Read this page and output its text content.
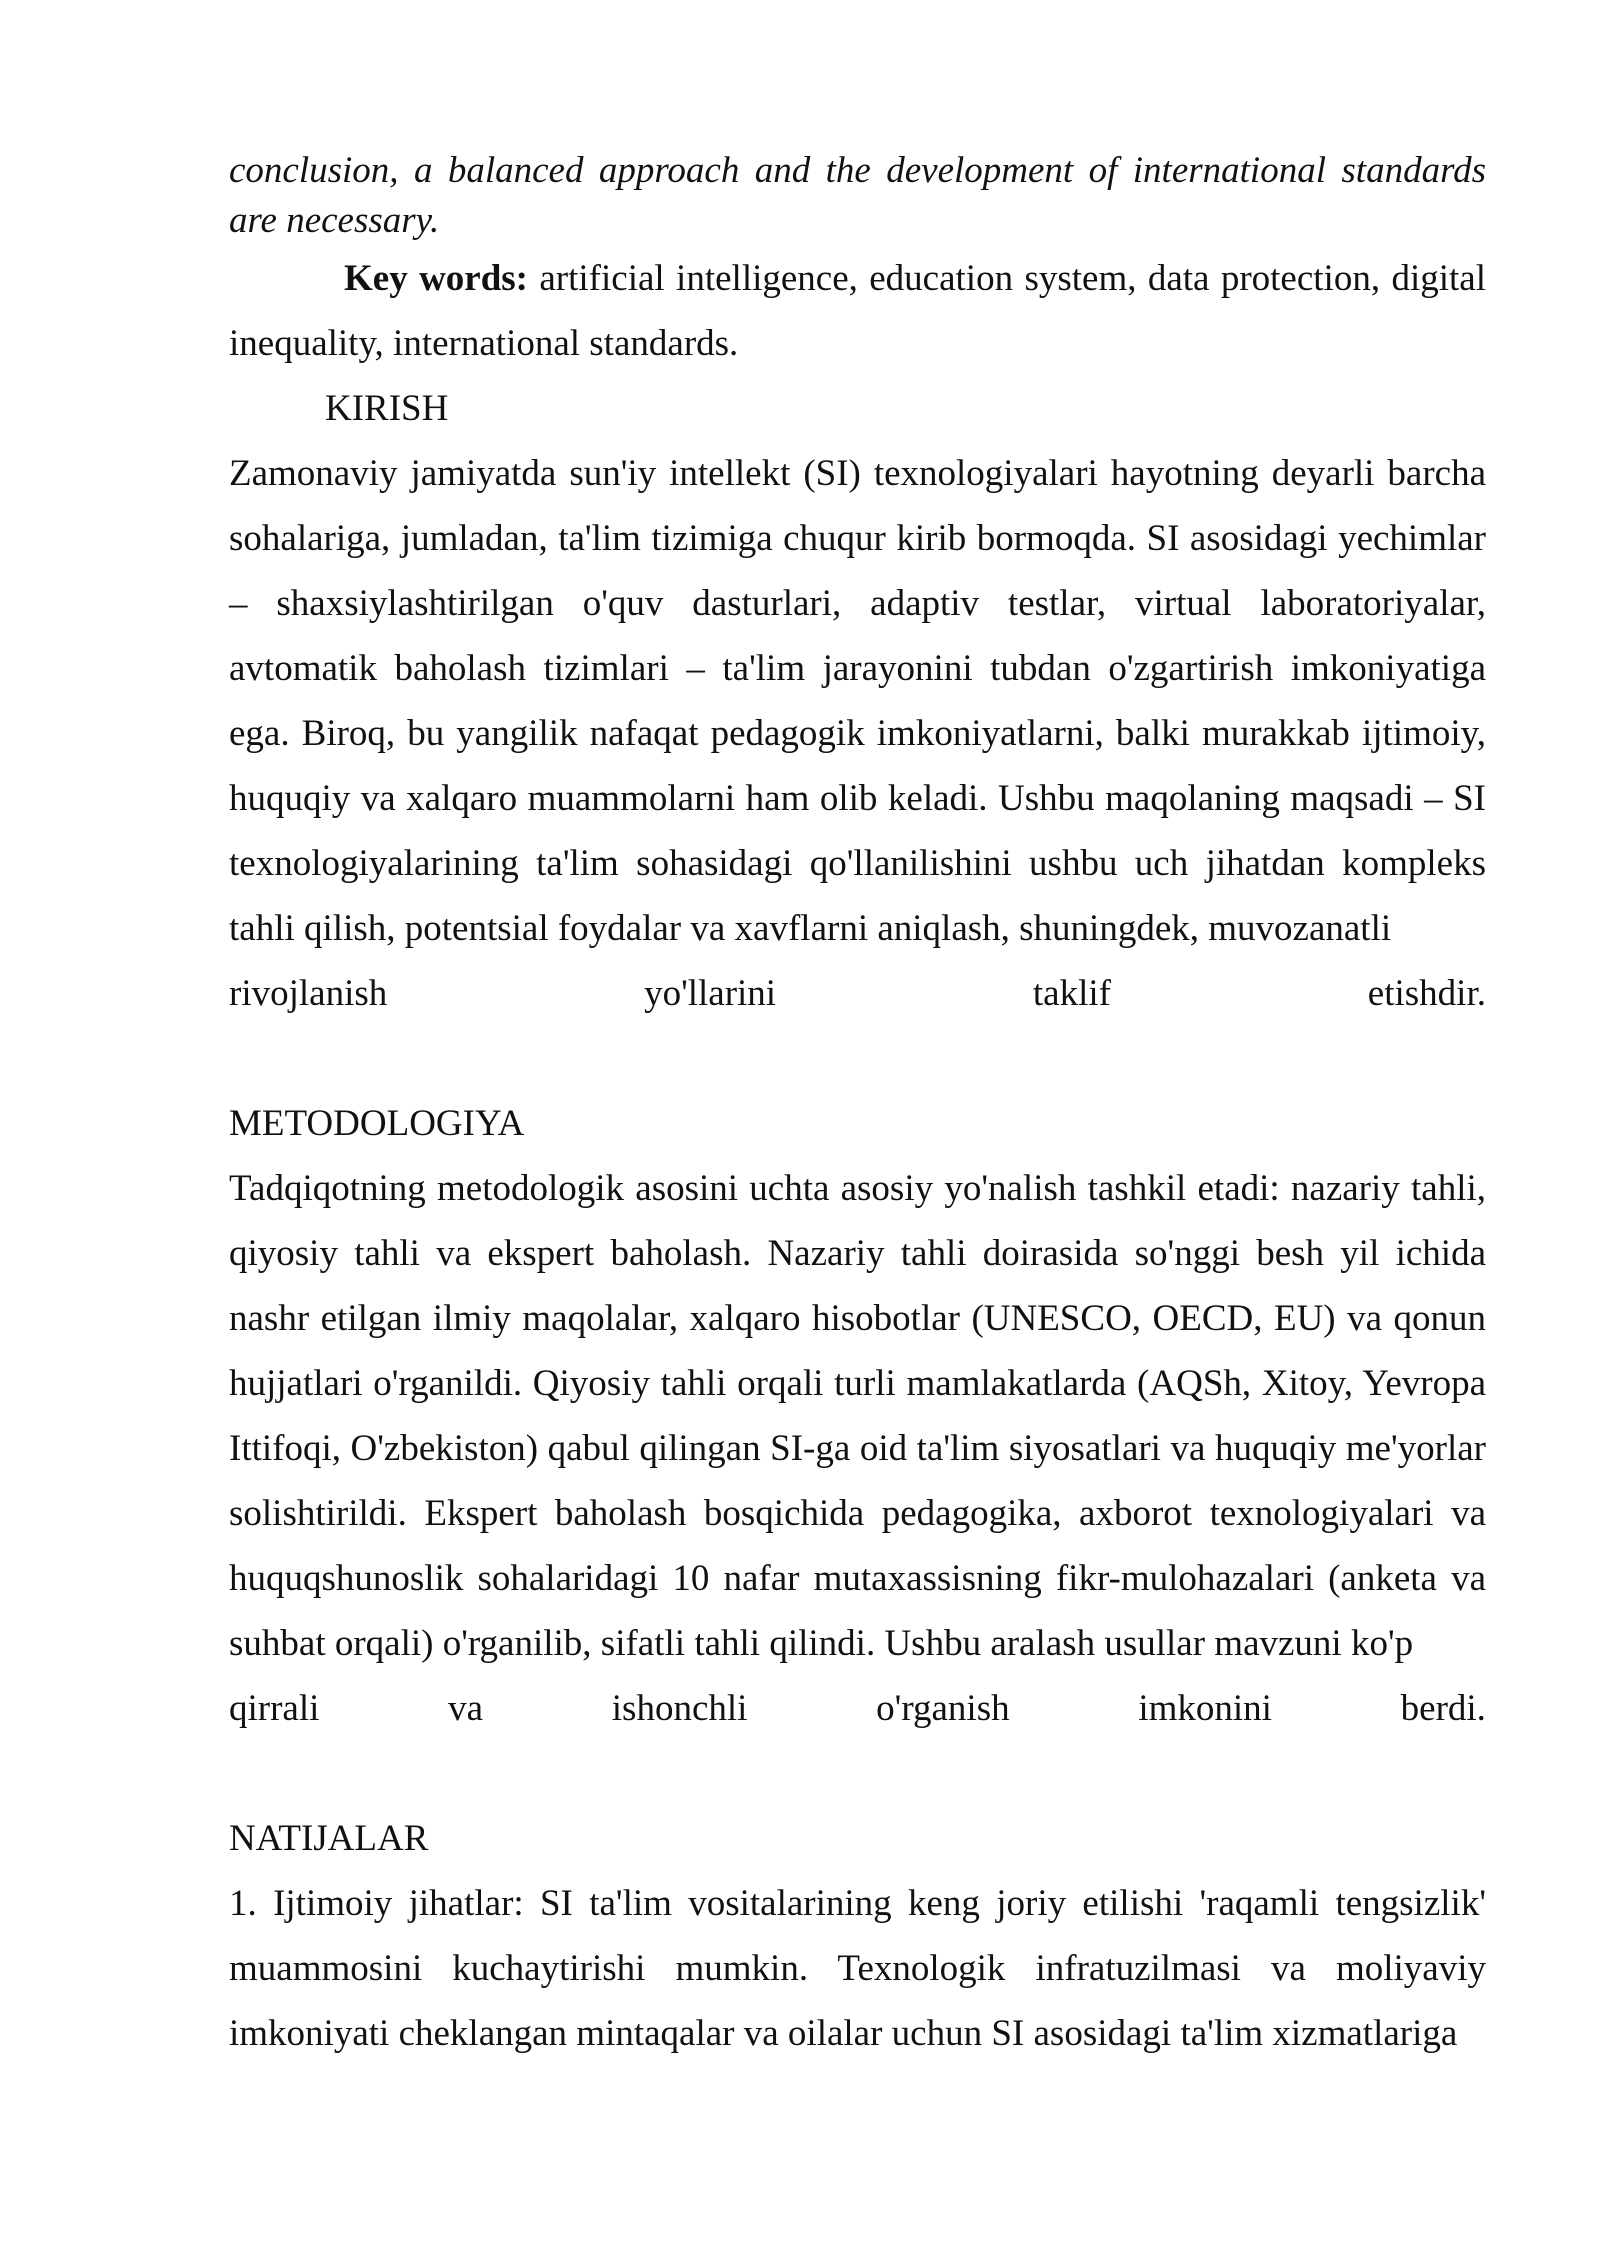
conclusion, a balanced approach and the development of international standards are necessary.

Key words: artificial intelligence, education system, data protection, digital inequality, international standards.

KIRISH

Zamonaviy jamiyatda sun'iy intellekt (SI) texnologiyalari hayotning deyarli barcha sohalariga, jumladan, ta'lim tizimiga chuqur kirib bormoqda. SI asosidagi yechimlar – shaxsiylashtirilgan o'quv dasturlari, adaptiv testlar, virtual laboratoriyalar, avtomatik baholash tizimlari – ta'lim jarayonini tubdan o'zgartirish imkoniyatiga ega. Biroq, bu yangilik nafaqat pedagogik imkoniyatlarni, balki murakkab ijtimoiy, huquqiy va xalqaro muammolarni ham olib keladi. Ushbu maqolaning maqsadi – SI texnologiyalarining ta'lim sohasidagi qo'llanilishini ushbu uch jihatdan kompleks tahli qilish, potentsial foydalar va xavflarni aniqlash, shuningdek, muvozanatli

rivojlanish	yo'llarini	taklif	etishdir.

METODOLOGIYA

Tadqiqotning metodologik asosini uchta asosiy yo'nalish tashkil etadi: nazariy tahli, qiyosiy tahli va ekspert baholash. Nazariy tahli doirasida so'nggi besh yil ichida nashr etilgan ilmiy maqolalar, xalqaro hisobotlar (UNESCO, OECD, EU) va qonun hujjatlari o'rganildi. Qiyosiy tahli orqali turli mamlakatlarda (AQSh, Xitoy, Yevropa Ittifoqi, O'zbekiston) qabul qilingan SI-ga oid ta'lim siyosatlari va huquqiy me'yorlar solishtirildi. Ekspert baholash bosqichida pedagogika, axborot texnologiyalari va huquqshunoslik sohalaridagi 10 nafar mutaxassisning fikr-mulohazalari (anketa va suhbat orqali) o'rganilib, sifatli tahli qilindi. Ushbu aralash usullar mavzuni ko'p

qirrali	va	ishonchli	o'rganish	imkonini	berdi.

NATIJALAR

1. Ijtimoiy jihatlar: SI ta'lim vositalarining keng joriy etilishi 'raqamli tengsizlik' muammosini kuchaytirishi mumkin. Texnologik infratuzilmasi va moliyaviy imkoniyati cheklangan mintaqalar va oilalar uchun SI asosidagi ta'lim xizmatlariga
